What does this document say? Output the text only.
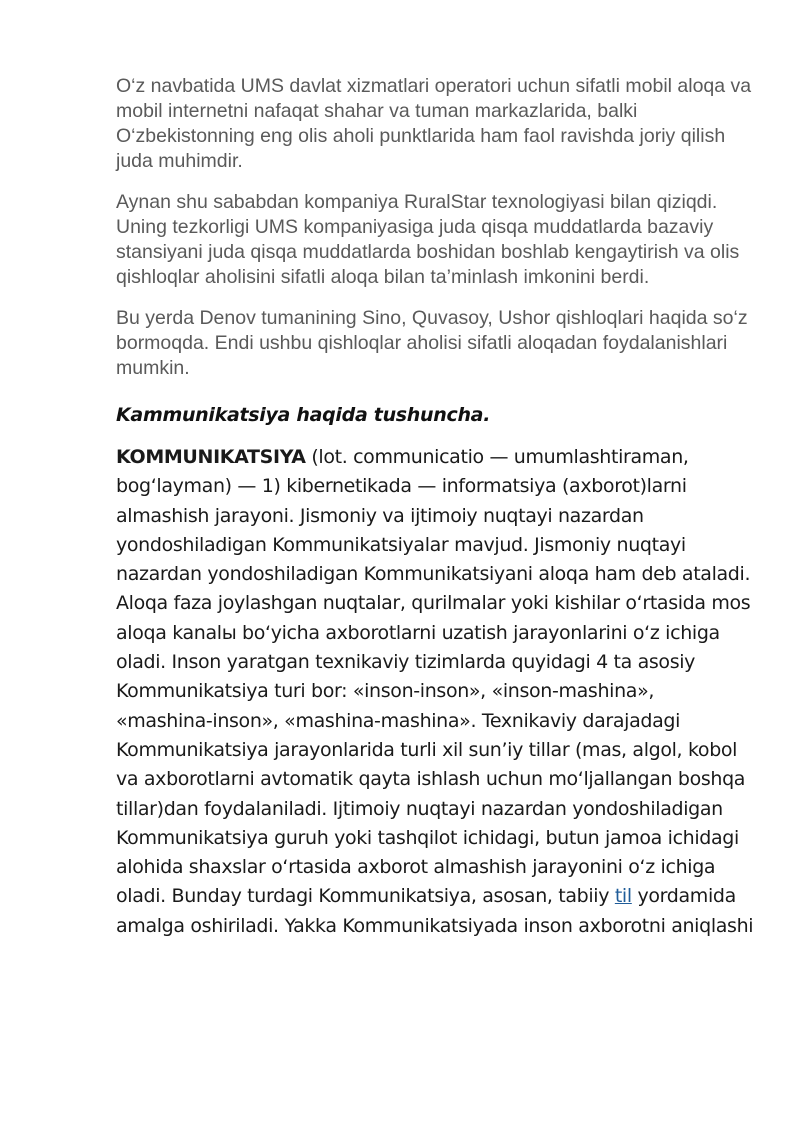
O‘z navbatida UMS davlat xizmatlari operatori uchun sifatli mobil aloqa va mobil internetni nafaqat shahar va tuman markazlarida, balki O‘zbekistonning eng olis aholi punktlarida ham faol ravishda joriy qilish juda muhimdir.

Aynan shu sababdan kompaniya RuralStar texnologiyasi bilan qiziqdi. Uning tezkorligi UMS kompaniyasiga juda qisqa muddatlarda bazaviy stansiyani juda qisqa muddatlarda boshidan boshlab kengaytirish va olis qishloqlar aholisini sifatli aloqa bilan ta’minlash imkonini berdi.

Bu yerda Denov tumanining Sino, Quvasoy, Ushor qishloqlari haqida so‘z bormoqda. Endi ushbu qishloqlar aholisi sifatli aloqadan foydalanishlari mumkin.

Kammunikatsiya haqida tushuncha.

KOMMUNIKATSIYA (lot. communicatio — umumlashtiraman, bog‘layman) — 1) kibernetikada — informatsiya (axborot)larni almashish jarayoni. Jismoniy va ijtimoiy nuqtayi nazardan yondoshiladigan Kommunikatsiyalar mavjud. Jismoniy nuqtayi nazardan yondoshiladigan Kommunikatsiyani aloqa ham deb ataladi. Aloqa faza joylashgan nuqtalar, qurilmalar yoki kishilar oʻrtasida mos aloqa kanalы boʻyicha axborotlarni uzatish jarayonlarini oʻz ichiga oladi. Inson yaratgan texnikaviy tizimlarda quyidagi 4 ta asosiy Kommunikatsiya turi bor: «inson-inson», «inson-mashina», «mashina-inson», «mashina-mashina». Texnikaviy darajadagi Kommunikatsiya jarayonlarida turli xil sun’iy tillar (mas, algol, kobol va axborotlarni avtomatik qayta ishlash uchun moʻljallangan boshqa tillar)dan foydalaniladi. Ijtimoiy nuqtayi nazardan yondoshiladigan Kommunikatsiya guruh yoki tashqilot ichidagi, butun jamoa ichidagi alohida shaxslar oʻrtasida axborot almashish jarayonini oʻz ichiga oladi. Bunday turdagi Kommunikatsiya, asosan, tabiiy til yordamida amalga oshiriladi. Yakka Kommunikatsiyada inson axborotni aniqlashi
